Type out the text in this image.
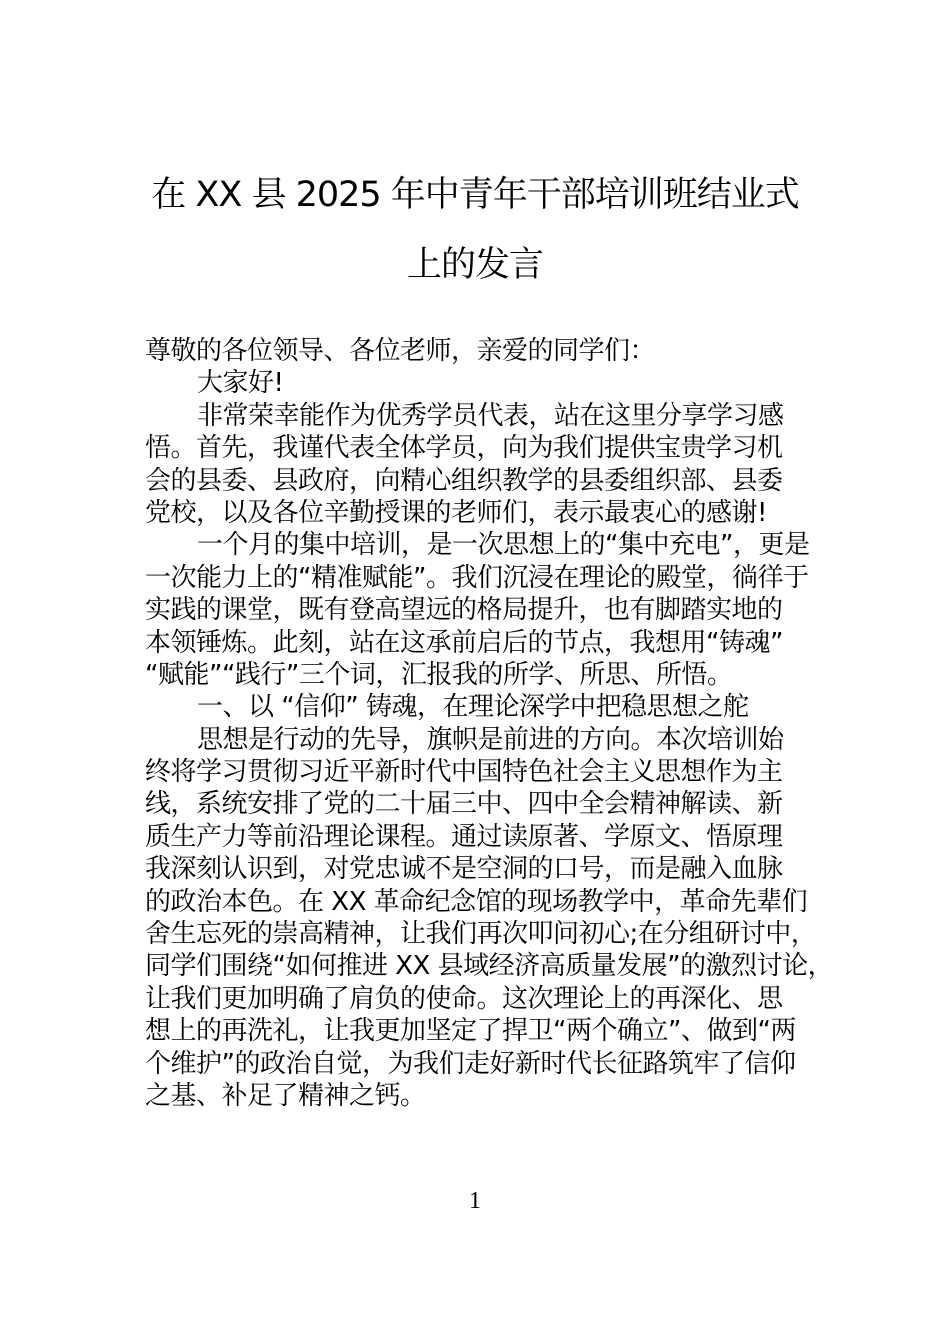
在 XX 县 2025 年中青年干部培训班结业式
上的发言
尊敬的各位领导、各位老师，亲爱的同学们：
大家好!
非常荣幸能作为优秀学员代表，站在这里分享学习感
悟。首先，我谨代表全体学员，向为我们提供宝贵学习机
会的县委、县政府，向精心组织教学的县委组织部、县委
党校，以及各位辛勤授课的老师们，表示最衷心的感谢!
一个月的集中培训，是一次思想上的“集中充电”，更是
一次能力上的“精准赋能”。我们沉浸在理论的殿堂，徜徉于
实践的课堂，既有登高望远的格局提升，也有脚踏实地的
本领锤炼。此刻，站在这承前启后的节点，我想用“铸魂”
“赋能”“践行”三个词，汇报我的所学、所思、所悟。
一、以 “信仰” 铸魂，在理论深学中把稳思想之舵
思想是行动的先导，旗帜是前进的方向。本次培训始
终将学习贯彻习近平新时代中国特色社会主义思想作为主
线，系统安排了党的二十届三中、四中全会精神解读、新
质生产力等前沿理论课程。通过读原著、学原文、悟原理
我深刻认识到，对党忠诚不是空洞的口号，而是融入血脉
的政治本色。在 XX 革命纪念馆的现场教学中，革命先辈们
舍生忘死的崇高精神，让我们再次叩问初心;在分组研讨中，
同学们围绕“如何推进 XX 县域经济高质量发展”的激烈讨论，
让我们更加明确了肩负的使命。这次理论上的再深化、思
想上的再洗礼，让我更加坚定了捍卫“两个确立”、做到“两
个维护”的政治自觉，为我们走好新时代长征路筑牢了信仰
之基、补足了精神之钙。
1
